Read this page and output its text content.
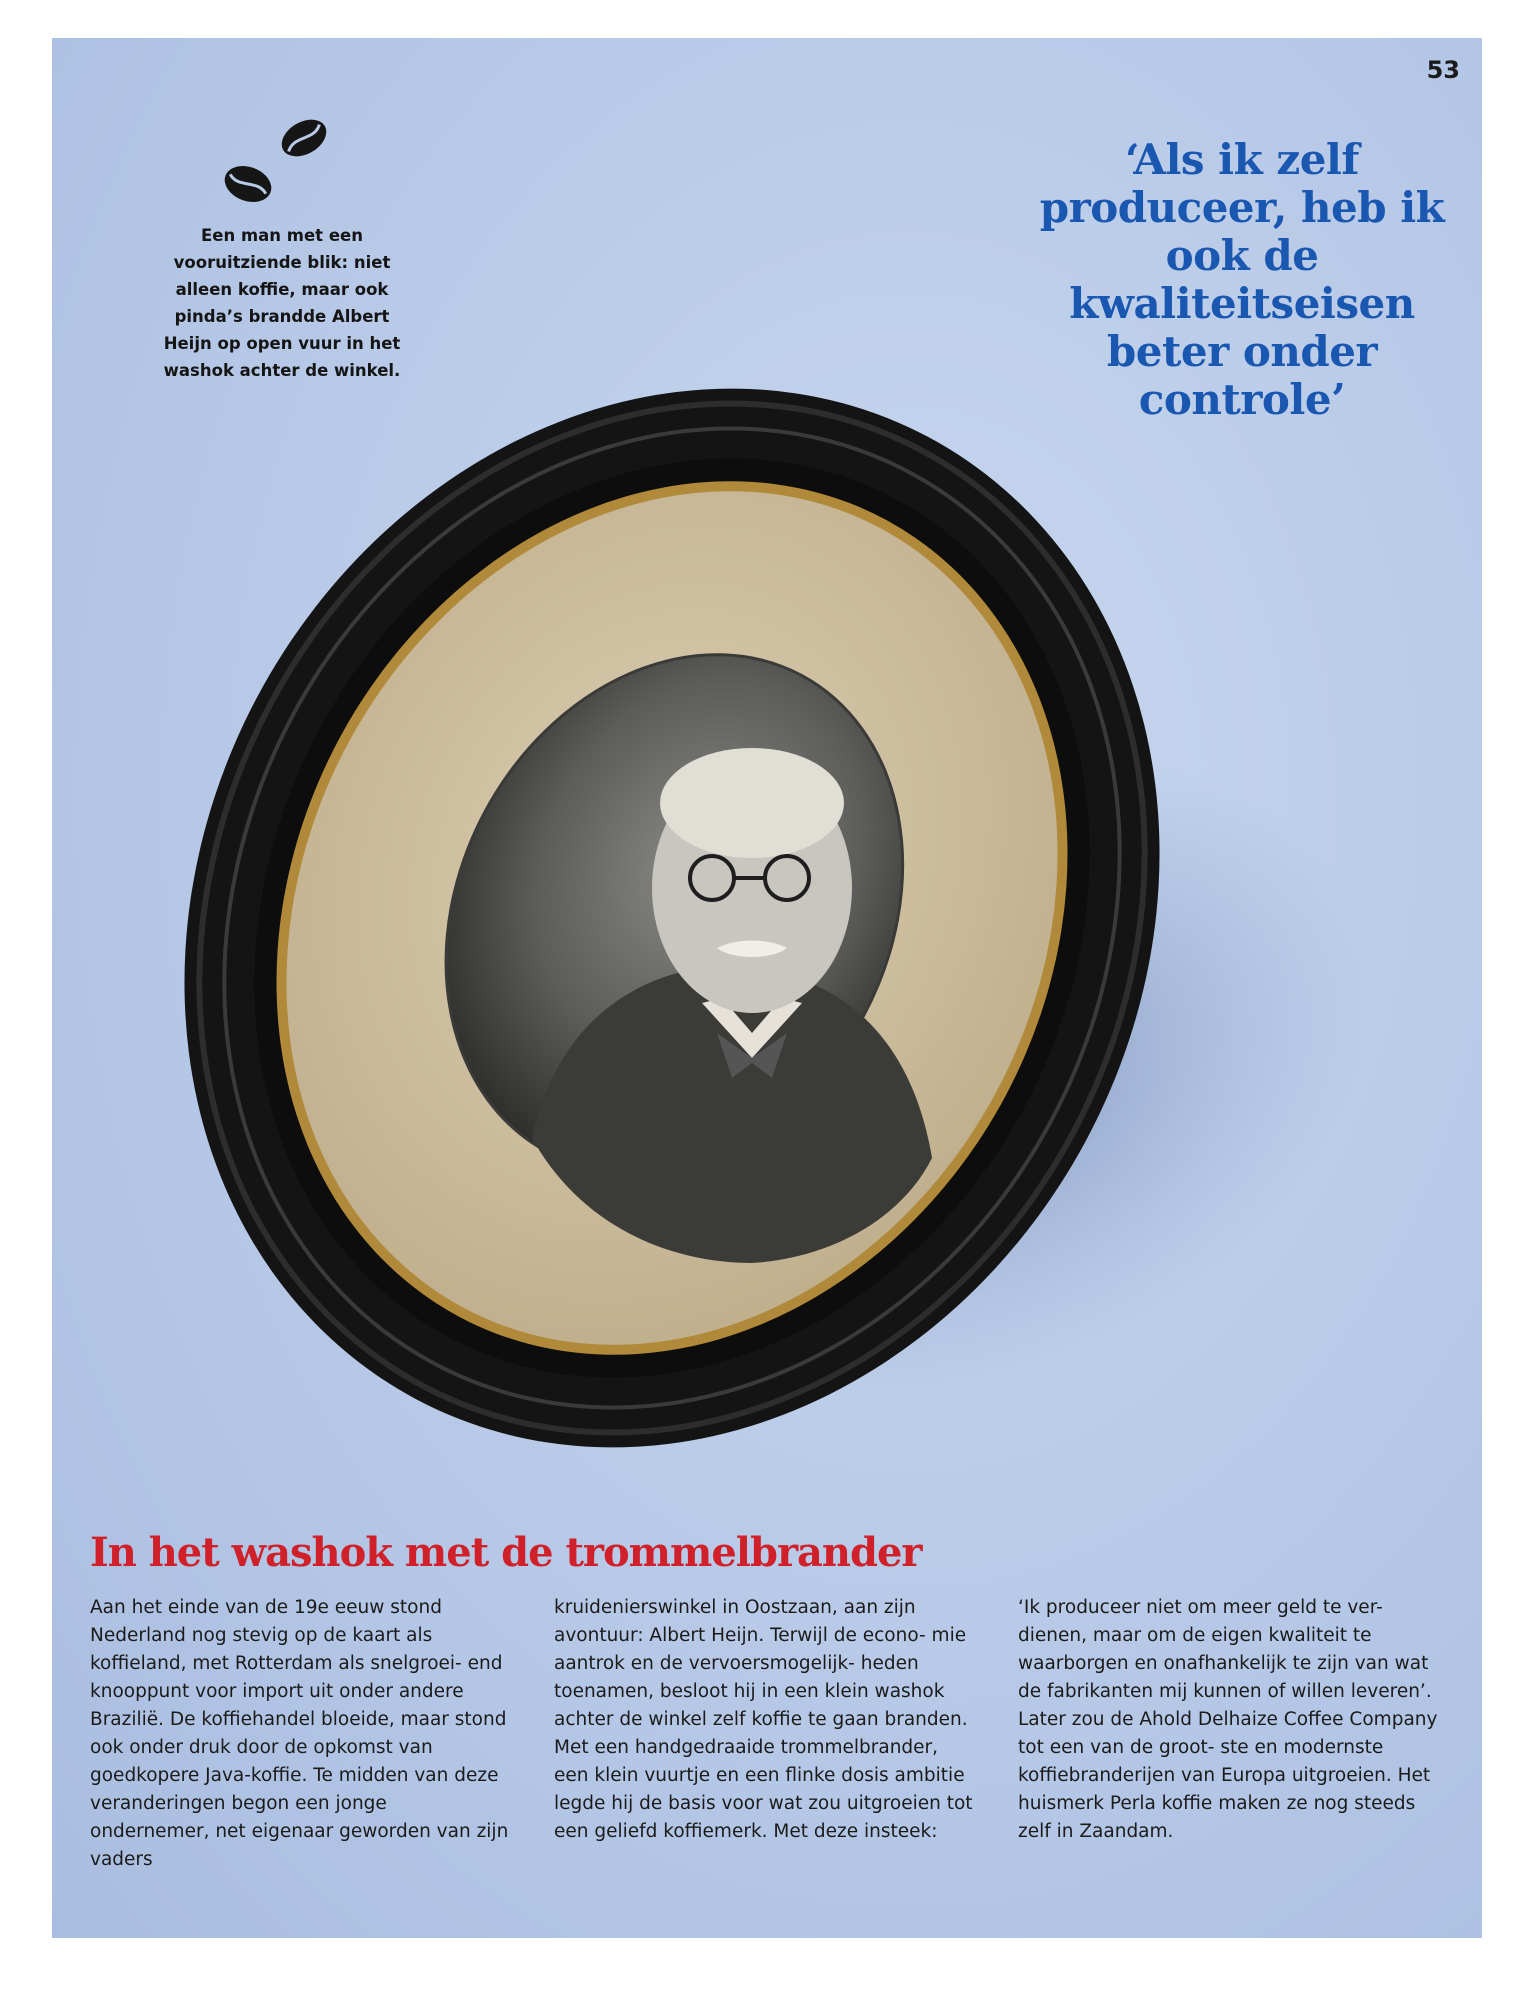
53
Een man met een vooruitziende blik: niet alleen koffie, maar ook pinda’s brandde Albert Heijn op open vuur in het washok achter de winkel.
‘Als ik zelf produceer, heb ik ook de kwaliteitseisen beter onder controle’
In het washok met de trommelbrander

Aan het einde van de 19e eeuw stond Nederland nog stevig op de kaart als koffieland, met Rotterdam als snelgroei- end knooppunt voor import uit onder andere Brazilië. De koffiehandel bloeide, maar stond ook onder druk door de opkomst van goedkopere Java-koffie. Te midden van deze veranderingen begon een jonge ondernemer, net eigenaar geworden van zijn vaders

kruidenierswinkel in Oostzaan, aan zijn avontuur: Albert Heijn. Terwijl de econo- mie aantrok en de vervoersmogelijk- heden toenamen, besloot hij in een klein washok achter de winkel zelf koffie te gaan branden. Met een handgedraaide trommelbrander, een klein vuurtje en een flinke dosis ambitie legde hij de basis voor wat zou uitgroeien tot een geliefd koffiemerk. Met deze insteek:

‘Ik produceer niet om meer geld te ver- dienen, maar om de eigen kwaliteit te waarborgen en onafhankelijk te zijn van wat de fabrikanten mij kunnen of willen leveren’. Later zou de Ahold Delhaize Coffee Company tot een van de groot- ste en modernste koffiebranderijen van Europa uitgroeien. Het huismerk Perla koffie maken ze nog steeds zelf in Zaandam.
